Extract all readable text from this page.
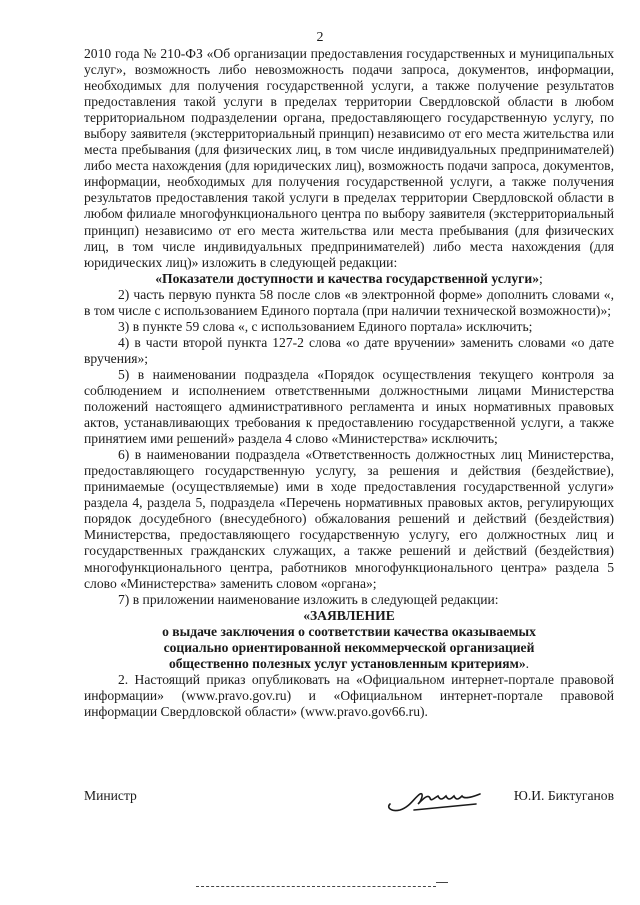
2

2010 года № 210-ФЗ «Об организации предоставления государственных и муниципальных услуг», возможность либо невозможность подачи запроса, документов, информации, необходимых для получения государственной услуги, а также получение результатов предоставления такой услуги в пределах территории Свердловской области в любом территориальном подразделении органа, предоставляющего государственную услугу, по выбору заявителя (экстерриториальный принцип) независимо от его места жительства или места пребывания (для физических лиц, в том числе индивидуальных предпринимателей) либо места нахождения (для юридических лиц), возможность подачи запроса, документов, информации, необходимых для получения государственной услуги, а также получения результатов предоставления такой услуги в пределах территории Свердловской области в любом филиале многофункционального центра по выбору заявителя (экстерриториальный принцип) независимо от его места жительства или места пребывания (для физических лиц, в том числе индивидуальных предпринимателей) либо места нахождения (для юридических лиц)» изложить в следующей редакции:

«Показатели доступности и качества государственной услуги»;

2) часть первую пункта 58 после слов «в электронной форме» дополнить словами «, в том числе с использованием Единого портала (при наличии технической возможности)»;

3) в пункте 59 слова «, с использованием Единого портала» исключить;

4) в части второй пункта 127-2 слова «о дате вручении» заменить словами «о дате вручения»;

5) в наименовании подраздела «Порядок осуществления текущего контроля за соблюдением и исполнением ответственными должностными лицами Министерства положений настоящего административного регламента и иных нормативных правовых актов, устанавливающих требования к предоставлению государственной услуги, а также принятием ими решений» раздела 4 слово «Министерства» исключить;

6) в наименовании подраздела «Ответственность должностных лиц Министерства, предоставляющего государственную услугу, за решения и действия (бездействие), принимаемые (осуществляемые) ими в ходе предоставления государственной услуги» раздела 4, раздела 5, подраздела «Перечень нормативных правовых актов, регулирующих порядок досудебного (внесудебного) обжалования решений и действий (бездействия) Министерства, предоставляющего государственную услугу, его должностных лиц и государственных гражданских служащих, а также решений и действий (бездействия) многофункционального центра, работников многофункционального центра» раздела 5 слово «Министерства» заменить словом «органа»;

7) в приложении наименование изложить в следующей редакции:

«ЗАЯВЛЕНИЕ

о выдаче заключения о соответствии качества оказываемых

социально ориентированной некоммерческой организацией

общественно полезных услуг установленным критериям».

2. Настоящий приказ опубликовать на «Официальном интернет-портале правовой информации» (www.pravo.gov.ru) и «Официальном интернет-портале правовой информации Свердловской области» (www.pravo.gov66.ru).

Министр	Ю.И. Биктуганов
